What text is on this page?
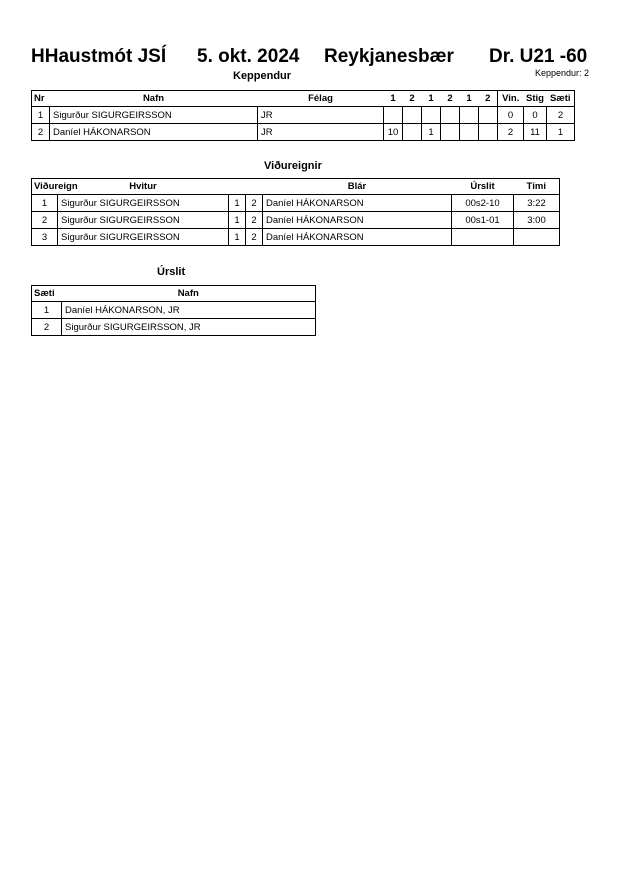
HHaustmót JSÍ

5. okt. 2024

Reykjanesbær

Dr. U21 -60

Keppendur: 2
Keppendur
Nr	Nafn	Félag	1	2	1	2	1	2	Vin.	Stig	Sæti
1	Sigurður SIGURGEIRSSON	JR							0	0	2
2	Daníel HÁKONARSON	JR	10		1				2	11	1
Viðureignir
Viðureign	Hvitur			Blár	Úrslit	Tími
1	Sigurður SIGURGEIRSSON	1	2	Daníel HÁKONARSON	00s2-10	3:22
2	Sigurður SIGURGEIRSSON	1	2	Daníel HÁKONARSON	00s1-01	3:00
3	Sigurður SIGURGEIRSSON	1	2	Daníel HÁKONARSON		
Úrslit
Sæti	Nafn
1	Daníel HÁKONARSON, JR
2	Sigurður SIGURGEIRSSON, JR
